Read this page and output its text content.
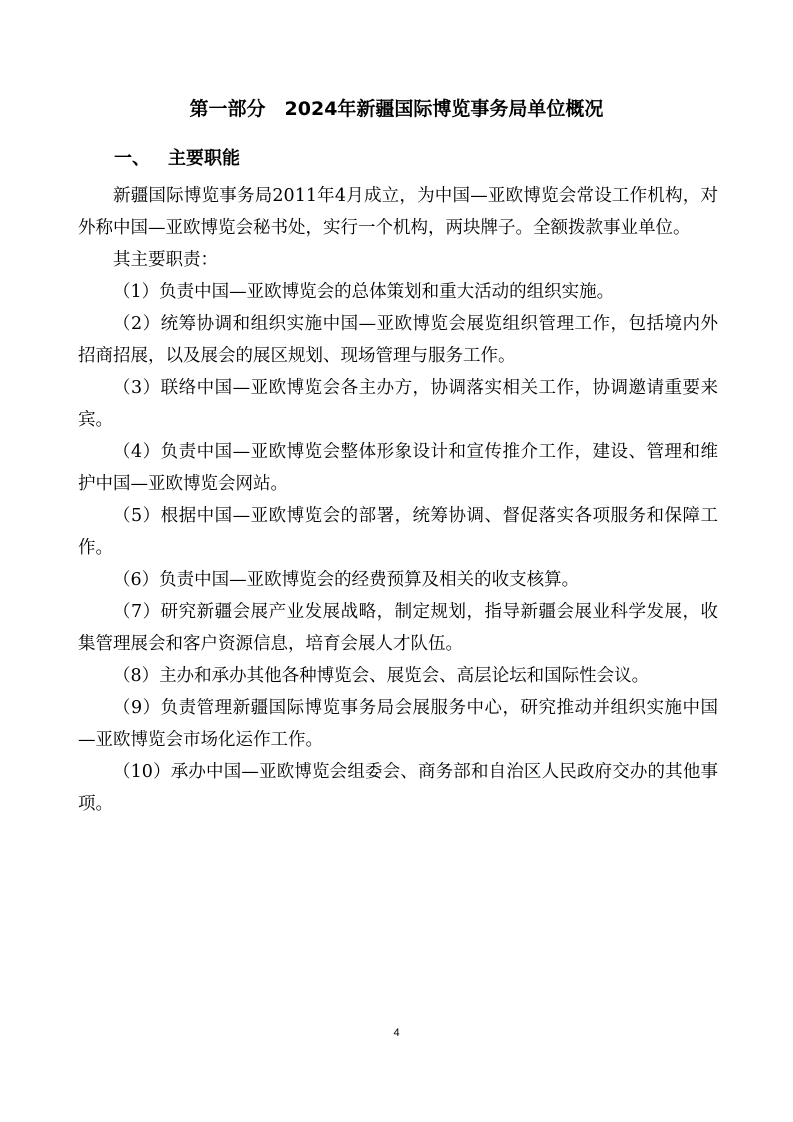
第一部分　2024年新疆国际博览事务局单位概况
一、 主要职能

新疆国际博览事务局2011年4月成立，为中国—亚欧博览会常设工作机构，对外称中国—亚欧博览会秘书处，实行一个机构，两块牌子。全额拨款事业单位。

其主要职责：

（1）负责中国—亚欧博览会的总体策划和重大活动的组织实施。

（2）统筹协调和组织实施中国—亚欧博览会展览组织管理工作，包括境内外招商招展，以及展会的展区规划、现场管理与服务工作。

（3）联络中国—亚欧博览会各主办方，协调落实相关工作，协调邀请重要来宾。

（4）负责中国—亚欧博览会整体形象设计和宣传推介工作，建设、管理和维护中国—亚欧博览会网站。

（5）根据中国—亚欧博览会的部署，统筹协调、督促落实各项服务和保障工作。

（6）负责中国—亚欧博览会的经费预算及相关的收支核算。

（7）研究新疆会展产业发展战略，制定规划，指导新疆会展业科学发展，收集管理展会和客户资源信息，培育会展人才队伍。

（8）主办和承办其他各种博览会、展览会、高层论坛和国际性会议。

（9）负责管理新疆国际博览事务局会展服务中心，研究推动并组织实施中国—亚欧博览会市场化运作工作。

（10）承办中国—亚欧博览会组委会、商务部和自治区人民政府交办的其他事项。

4
